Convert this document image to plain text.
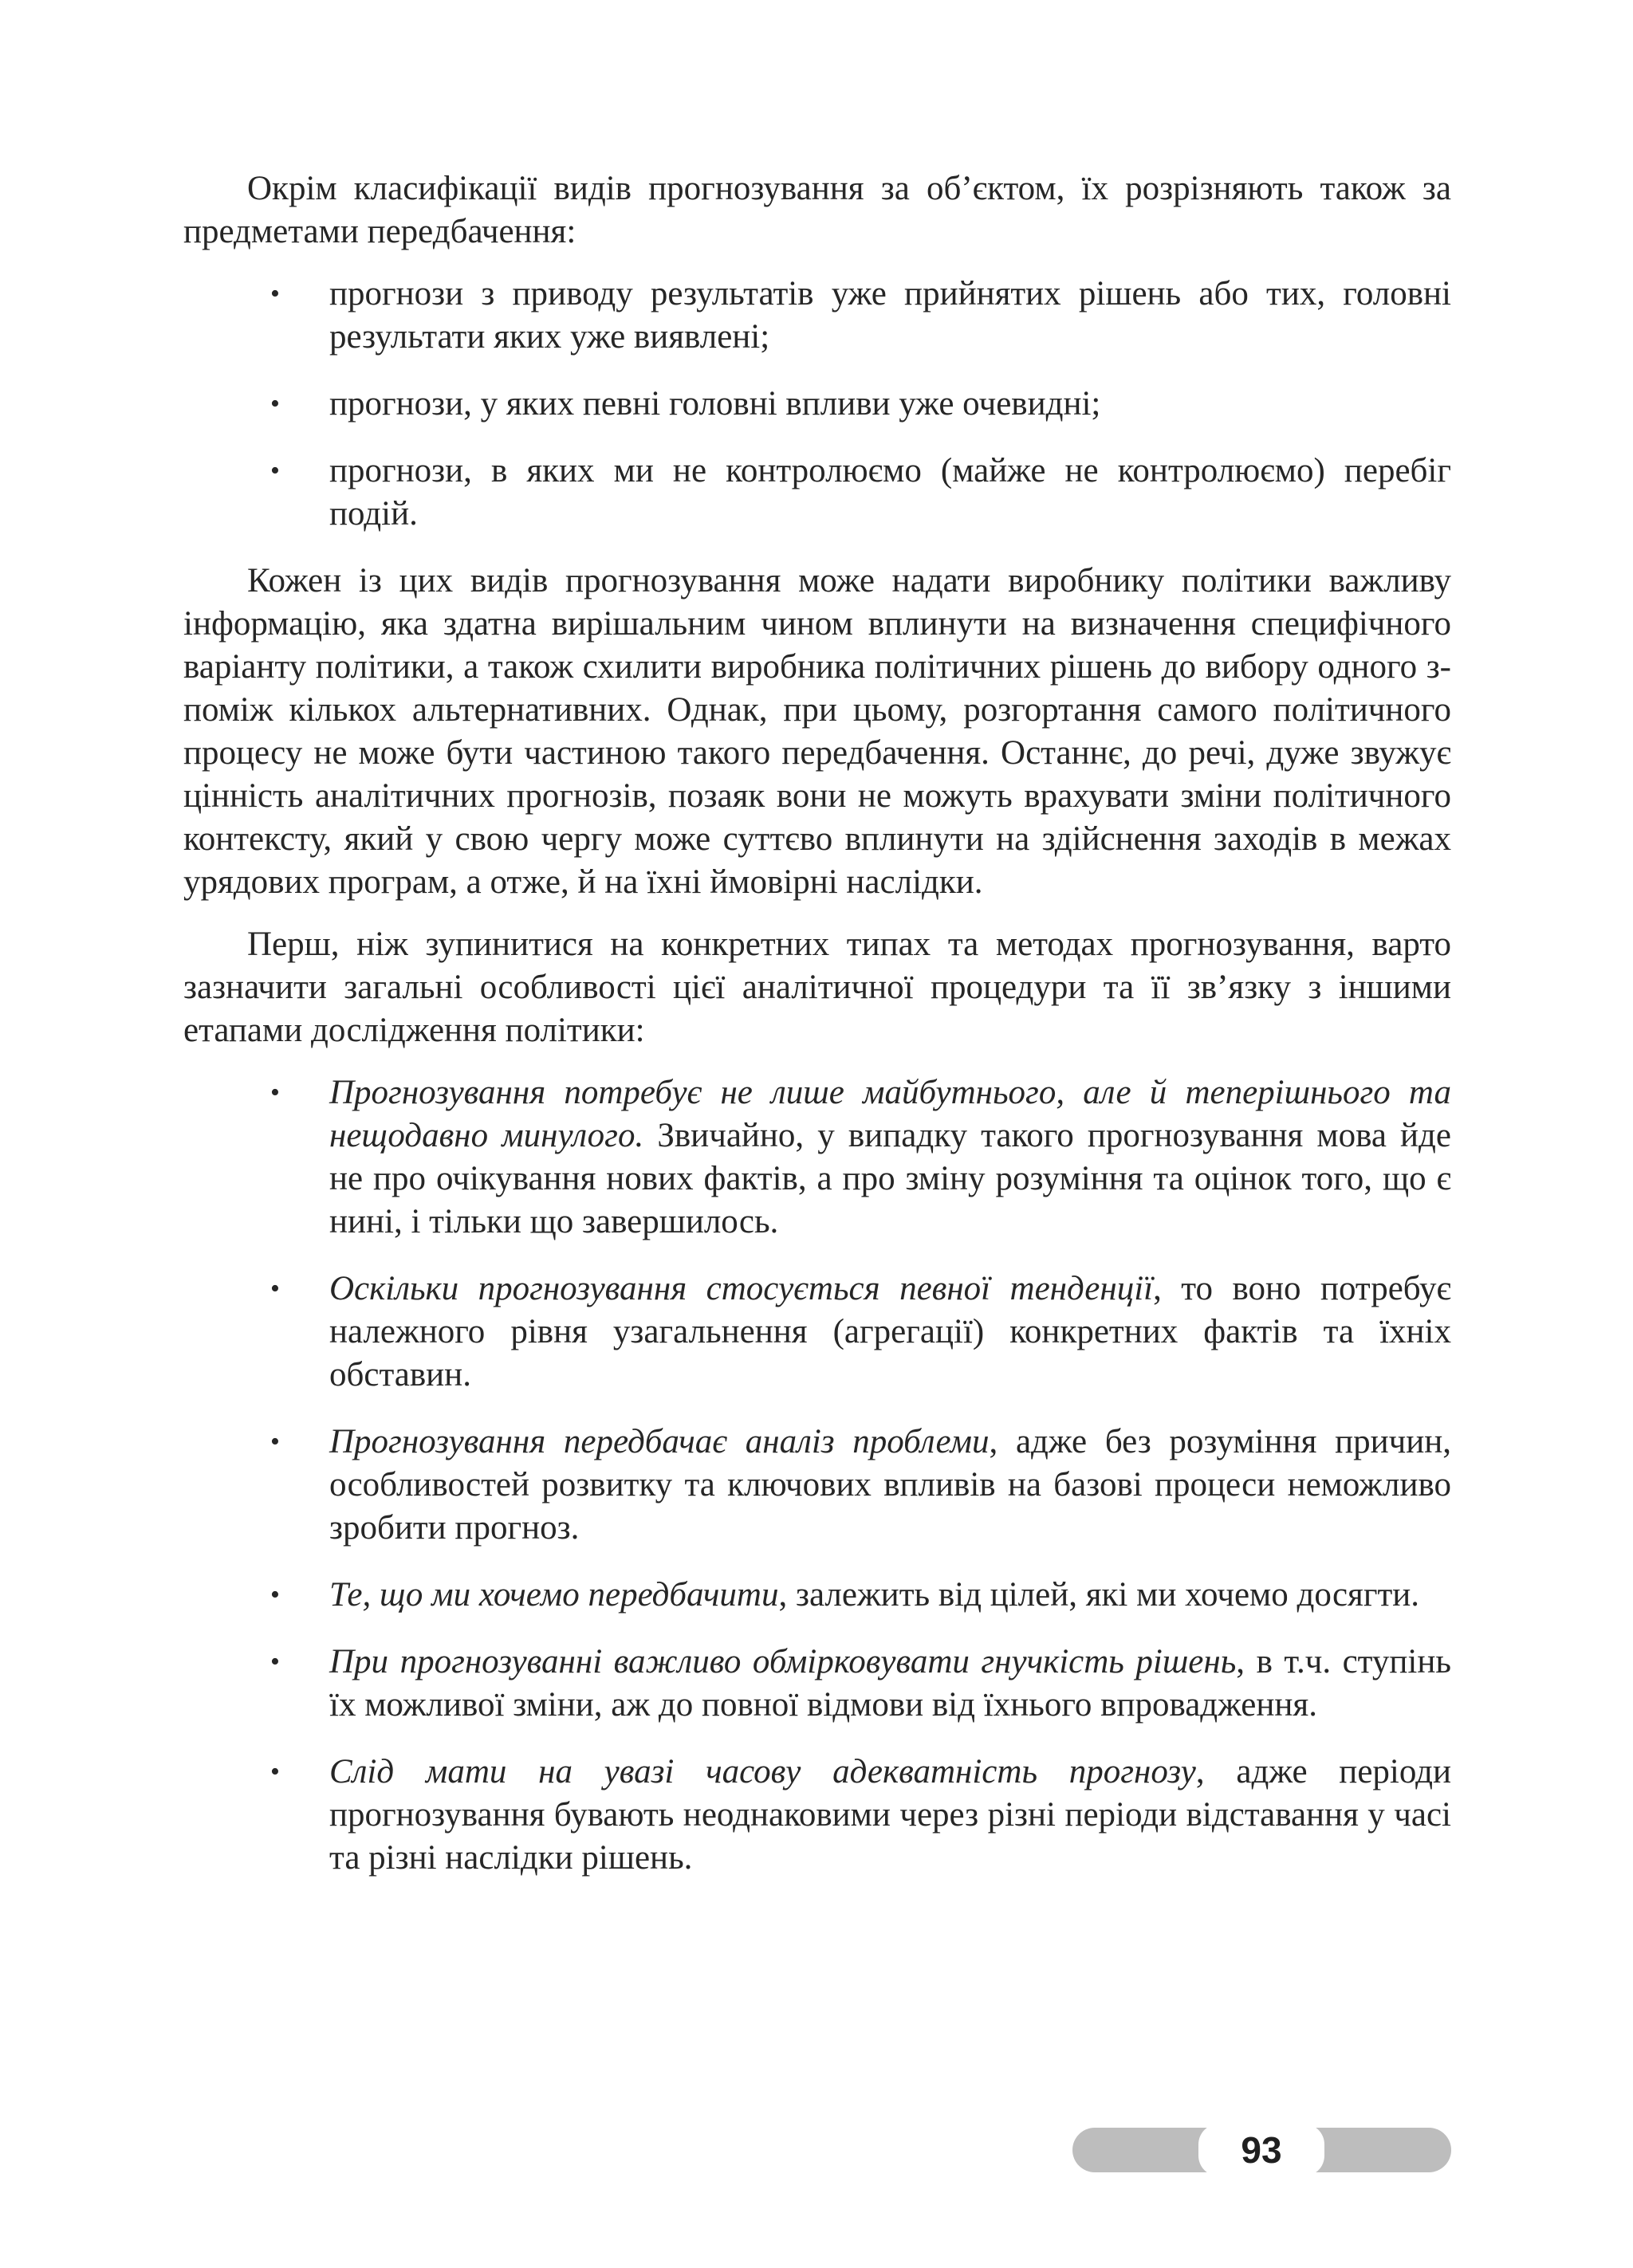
Окрім класифікації видів прогнозування за об’єктом, їх розрізняють також за предметами передбачення:

• прогнози з приводу результатів уже прийнятих рішень або тих, головні результати яких уже виявлені;
• прогнози, у яких певні головні впливи уже очевидні;
• прогнози, в яких ми не контролюємо (майже не контролюємо) перебіг подій.

Кожен із цих видів прогнозування може надати виробнику політики важливу інформацію, яка здатна вирішальним чином вплинути на визначення специфічного варіанту політики, а також схилити виробника політичних рішень до вибору одного з-поміж кількох альтернативних. Однак, при цьому, розгортання самого політичного процесу не може бути частиною такого передбачення. Останнє, до речі, дуже звужує цінність аналітичних прогнозів, позаяк вони не можуть врахувати зміни політичного контексту, який у свою чергу може суттєво вплинути на здійснення заходів в межах урядових програм, а отже, й на їхні ймовірні наслідки.

Перш, ніж зупинитися на конкретних типах та методах прогнозування, варто зазначити загальні особливості цієї аналітичної процедури та її зв’язку з іншими етапами дослідження політики:

• Прогнозування потребує не лише майбутнього, але й теперішнього та нещодавно минулого. Звичайно, у випадку такого прогнозування мова йде не про очікування нових фактів, а про зміну розуміння та оцінок того, що є нині, і тільки що завершилось.
• Оскільки прогнозування стосується певної тенденції, то воно потребує належного рівня узагальнення (агрегації) конкретних фактів та їхніх обставин.
• Прогнозування передбачає аналіз проблеми, адже без розуміння причин, особливостей розвитку та ключових впливів на базові процеси неможливо зробити прогноз.
• Те, що ми хочемо передбачити, залежить від цілей, які ми хочемо досягти.
• При прогнозуванні важливо обмірковувати гнучкість рішень, в т.ч. ступінь їх можливої зміни, аж до повної відмови від їхнього впровадження.
• Слід мати на увазі часову адекватність прогнозу, адже періоди прогнозування бувають неоднаковими через різні періоди відставання у часі та різні наслідки рішень.
93
